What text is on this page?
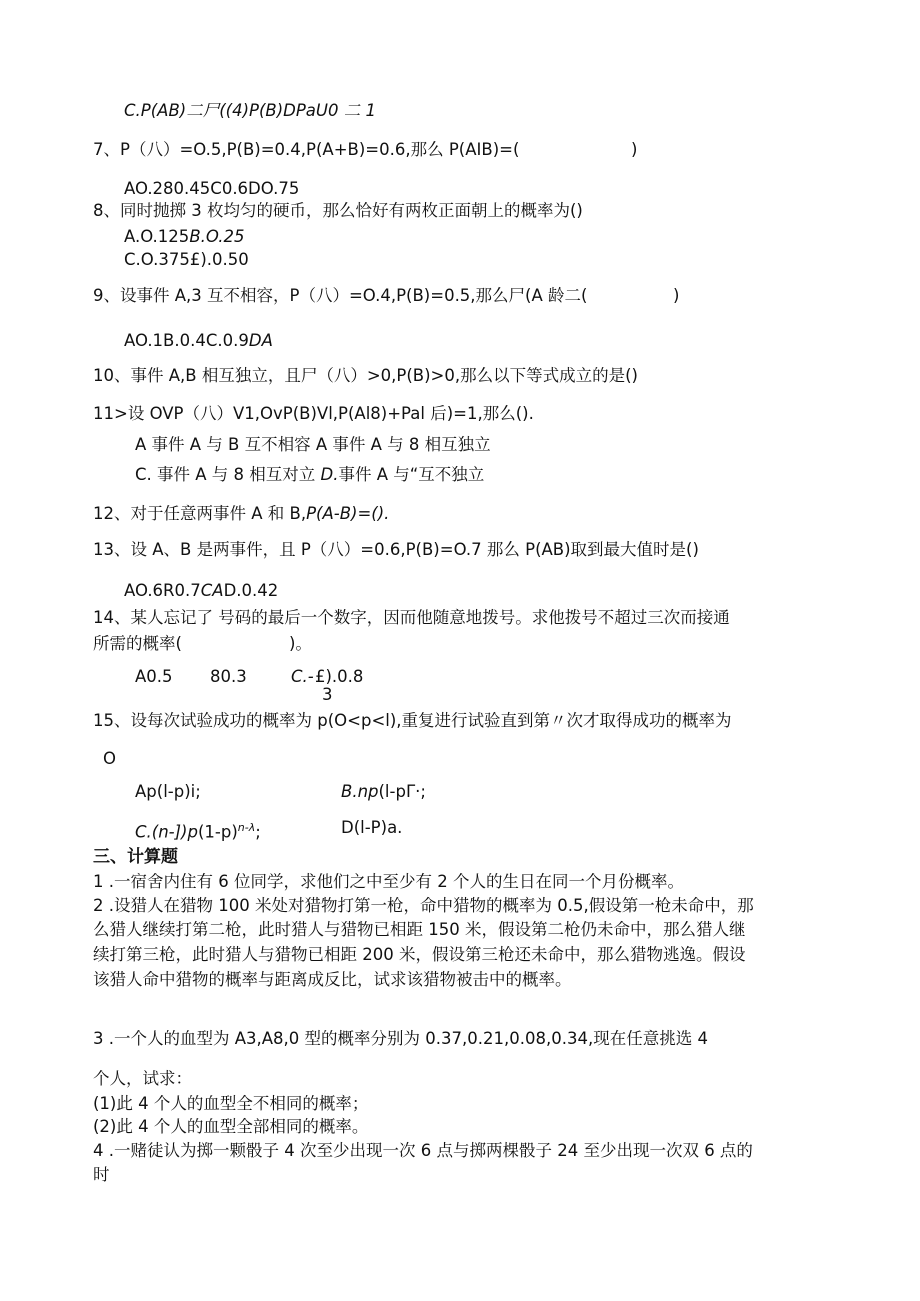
C.P(AB)二尸((4)P(B)DPaU0 二 1
7、P（八）=O.5,P(B)=0.4,P(A+B)=0.6,那么 P(AIB)=(	)
AO.280.45C0.6DO.75
8、同时抛掷 3 枚均匀的硬币，那么恰好有两枚正面朝上的概率为()
A.O.125B.O.25
C.O.375£).0.50
9、设事件 A,3 互不相容，P（八）=O.4,P(B)=0.5,那么尸(A 龄二(	)
AO.1B.0.4C.0.9DA
10、事件 A,B 相互独立，且尸（八）>0,P(B)>0,那么以下等式成立的是()
11>设 OVP（八）V1,OvP(B)Vl,P(Al8)+Pal 后)=1,那么().
A 事件 A 与 B 互不相容 A 事件 A 与 8 相互独立
C. 事件 A 与 8 相互对立 D.事件 A 与“互不独立
12、对于任意两事件 A 和 B,P(A-B)=().
13、设 A、B 是两事件，且 P（八）=0.6,P(B)=O.7 那么 P(AB)取到最大值时是()
AO.6R0.7CAD.0.42
14、某人忘记了 号码的最后一个数字，因而他随意地拨号。求他拨号不超过三次而接通
所需的概率(	)。
A0.5 80.3	C.- £).0.8
3
15、设每次试验成功的概率为 p(O<p<l),重复进行试验直到第〃次才取得成功的概率为
O
Ap(l-p)i;	B.np(l-pΓ·;
$C.(n-])p(1-p)^{n-\lambda}$;	D(l-P)a.
三、计算题
1 .一宿舍内住有 6 位同学，求他们之中至少有 2 个人的生日在同一个月份概率。
2 .设猎人在猎物 100 米处对猎物打第一枪，命中猎物的概率为 0.5,假设第一枪未命中，那
么猎人继续打第二枪，此时猎人与猎物已相距 150 米，假设第二枪仍未命中，那么猎人继
续打第三枪，此时猎人与猎物已相距 200 米，假设第三枪还未命中，那么猎物逃逸。假设
该猎人命中猎物的概率与距离成反比，试求该猎物被击中的概率。
3 .一个人的血型为 A3,A8,0 型的概率分别为 0.37,0.21,0.08,0.34,现在任意挑选 4
个人，试求：
(1)此 4 个人的血型全不相同的概率；
(2)此 4 个人的血型全部相同的概率。
4 .一赌徒认为掷一颗骰子 4 次至少出现一次 6 点与掷两棵骰子 24 至少出现一次双 6 点的
时
